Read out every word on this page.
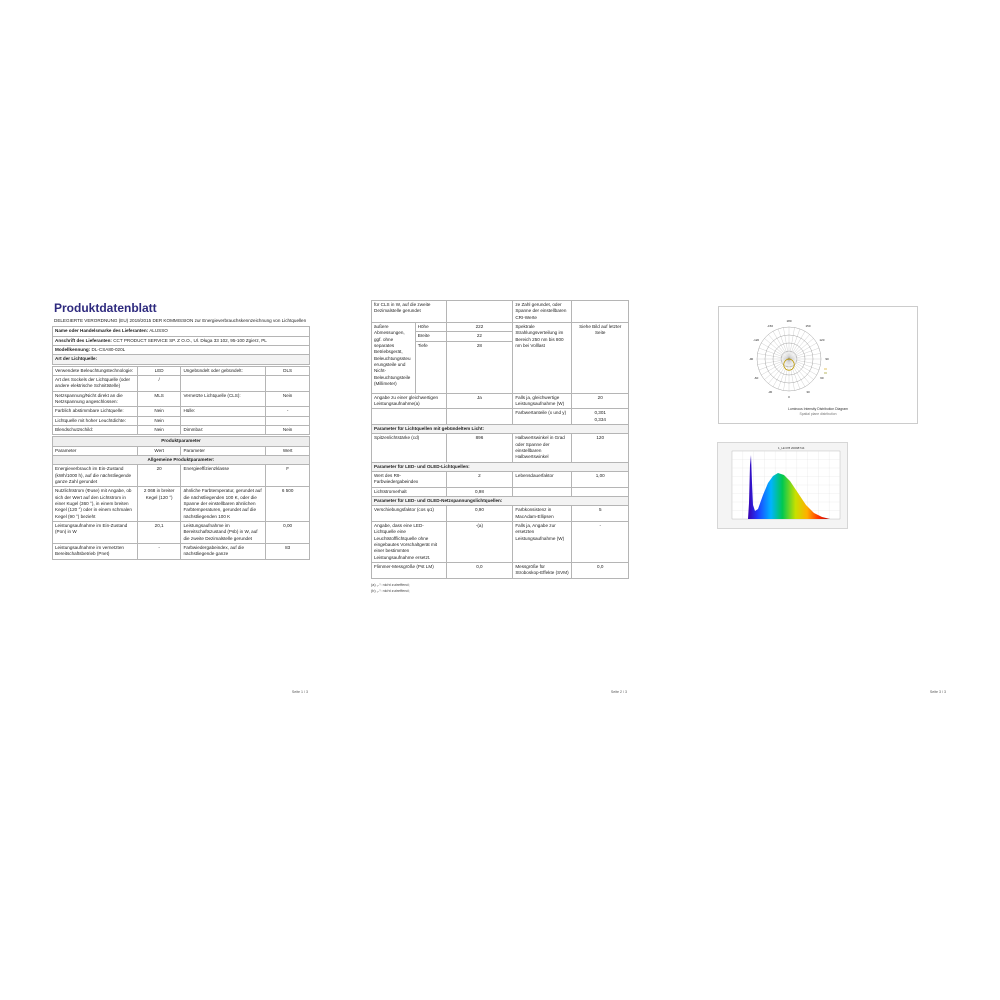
Produktdatenblatt
DELEGIERTE VERORDNUNG (EU) 2019/2015 DER KOMMISSION zur Energieverbrauchskennzeichnung von Lichtquellen
Name oder Handelsmarke des Lieferanten: ALUSSO
Anschrift des Lieferanten: CCT PRODUCT SERVICE SP. Z O.O., Ul. Długa 33 102, 95-100 Zgierz, PL
Modellkennung: DL-CSA80-020L
Art der Lichtquelle:
Verwendete Beleuchtungstechnologie:	LED	Ungebündelt oder gebündelt:	DLS
Art des Sockels der Lichtquelle (oder andere elektrische Schnittstelle)	/		
Netzspannung/Nicht direkt an die Netzspannung angeschlossen:	MLS	Vernetzte Lichtquelle (CLS):	Nein
Farblich abstimmbare Lichtquelle:	Nein	Hülle:	-
Lichtquelle mit hoher Leuchtdichte:	Nein		
Blendschutzschild:	Nein	Dimmbar:	Nein
Produktparameter			
Parameter	Wert	Parameter	Wert
Allgemeine Produktparameter:			
Energieverbrauch im Ein-Zustand (kWh/1000 h), auf die nächstliegende ganze Zahl gerundet	20	Energieeffizienzklasse	F
Nutzlichtstrom (Φuse) mit Angabe, ob sich der Wert auf den Lichtstrom in einer Kugel (360 °), in einem breiten Kegel (120 °) oder in einem schmalen Kegel (90 °) bezieht	2 068 in breiter Kegel (120 °)	ähnliche Farbtemperatur, gerundet auf die nächstliegenden 100 K, oder die Spanne der einstellbaren ähnlichen Farbtemperaturen, gerundet auf die nächstliegenden 100 K	6 500
Leistungsaufnahme im Ein-Zustand (Pon) in W	20,1	Leistungsaufnahme im Bereitschaftszustand (Psb) in W, auf die zweite Dezimalstelle gerundet	0,00
Leistungsaufnahme im vernetzten Bereitschaftsbetrieb (Pnet)	-	Farbwiedergabeindex, auf die nächstliegende ganze	83
Seite 1 / 3
für CLS in W, auf die zweite Dezimalstelle gerundet			ze Zahl gerundet, oder Spanne der einstellbaren CRI-Werte	
äußere Abmessungen, ggf. ohne separates Betriebsgerät, Beleuchtungssteuerungsteile und Nicht-Beleuchtungsteile (Millimeter)	Höhe	222	Spektrale Strahlungsverteilung im Bereich 250 nm bis 800 nm bei Volllast	Siehe Bild auf letzter Seite
	Breite	22		
	Tiefe	28		
Angabe zu einer gleichwertigen Leistungsaufnahme(a)		Ja	Falls ja, gleichwertige Leistungsaufnahme (W)	20
			Farbwertanteile (x und y)	0,301
0,334
Parameter für Lichtquellen mit gebündeltem Licht:				
Spitzenlichtstärke (cd)		896	Halbwertswinkel in Grad oder Spanne der einstellbaren Halbwertswinkel	120
Parameter für LED- und OLED-Lichtquellen:				
Wert des R9-Farbwiedergabeindex		2	Lebensdauerfaktor	1,00
Lichtstromerhalt		0,98		
Parameter für LED- und OLED-Netzspannungslichtquellen:				
Verschiebungsfaktor (cos φ1)		0,90	Farbkonsistenz in MacAdam-Ellipsen	5
Angabe, dass eine LED-Lichtquelle eine Leuchtstofflichtquelle ohne eingebautes Vorschaltgerät mit einer bestimmten Leistungsaufnahme ersetzt.		-(a)	Falls ja, Angabe zur ersetzten Leistungsaufnahme (W)	-
Flimmer-Messgröße (Pst LM)		0,0	Messgröße für Stroboskop-Effekte (SVM)	0,0
(a) „-“: nicht zutreffend;
(b) „-“: nicht zutreffend;
Seite 2 / 3
-150
-120
-90
-60
-30
0
30
60
90
120
150
180
Luminous Intensity Distribution Diagram
Spatial plane distribution
1_Hn378 20098744
Seite 3 / 3
